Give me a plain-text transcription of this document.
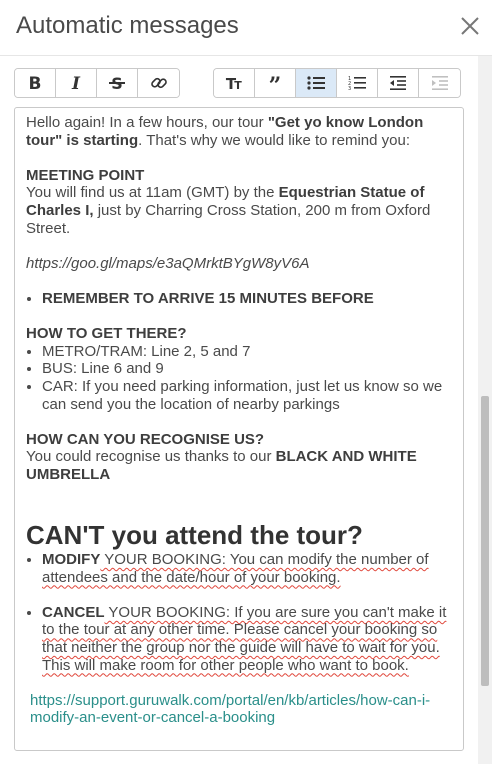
Automatic messages
B I S	T
T ”	1
2
3

Hello again! In a few hours, our tour "Get yo know London tour" is starting. That's why we would like to remind you:

MEETING POINT

You will find us at 11am (GMT) by the Equestrian Statue of Charles I, just by Charring Cross Station, 200 m from Oxford Street.

https://goo.gl/maps/e3aQMrktBYgW8yV6A

• REMEMBER TO ARRIVE 15 MINUTES BEFORE

HOW TO GET THERE?

• METRO/TRAM: Line 2, 5 and 7
• BUS: Line 6 and 9
• CAR: If you need parking information, just let us know so we can send you the location of nearby parkings

HOW CAN YOU RECOGNISE US?

You could recognise us thanks to our BLACK AND WHITE UMBRELLA

CAN'T you attend the tour?
• MODIFY YOUR BOOKING: You can modify the number of attendees and the date/hour of your booking.
• CANCEL YOUR BOOKING: If you are sure you can't make it to the tour at any other time. Please cancel your booking so that neither the group nor the guide will have to wait for you. This will make room for other people who want to book.

https://support.guruwalk.com/portal/en/kb/articles/how-can-i-modify-an-event-or-cancel-a-booking
